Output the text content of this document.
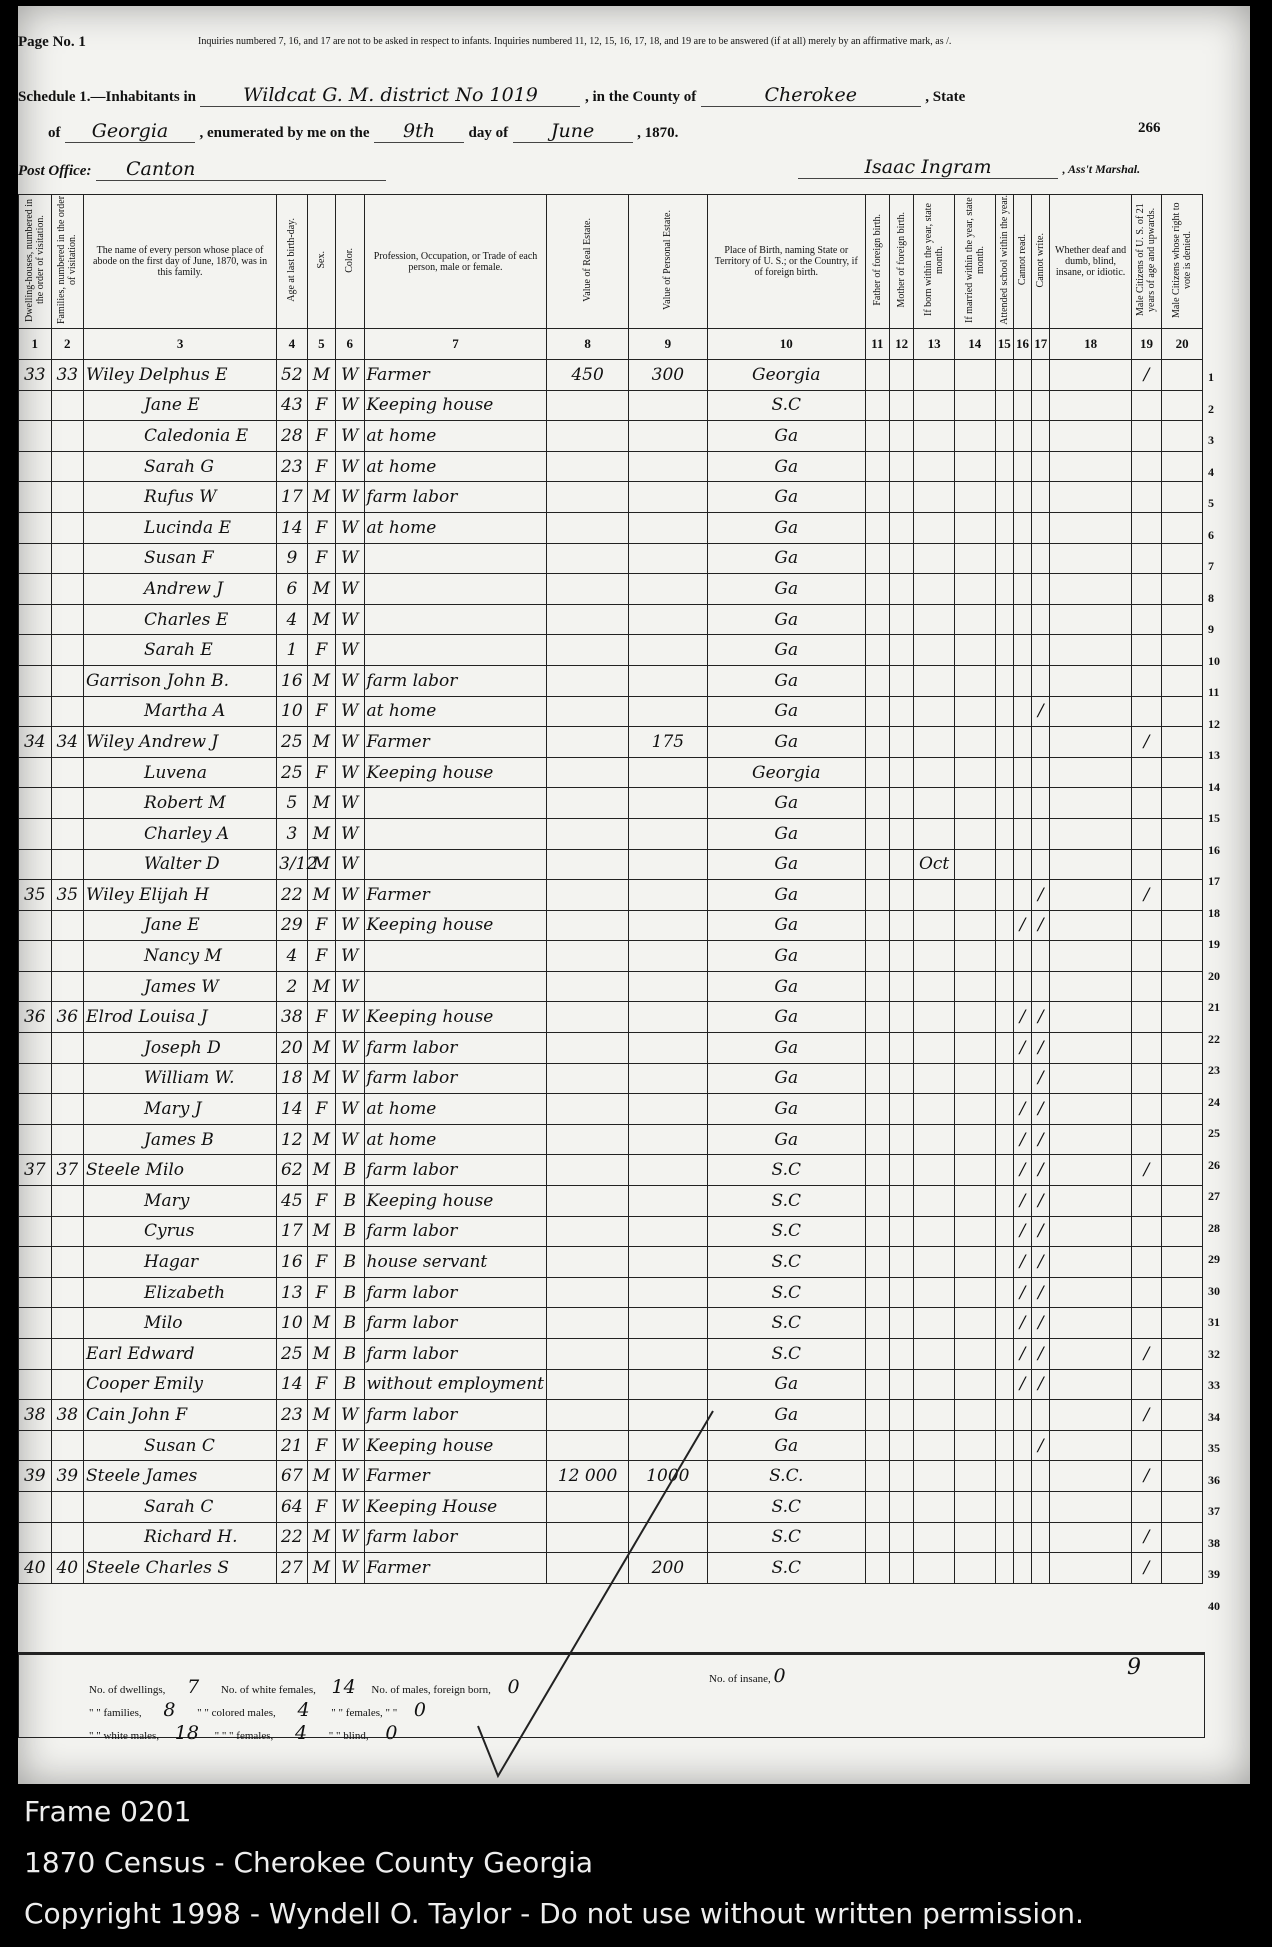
Page No. 1	Inquiries numbered 7, 16, and 17 are not to be asked in respect to infants. Inquiries numbered 11, 12, 15, 16, 17, 18, and 19 are to be answered (if at all) merely by an affirmative mark, as /.
Schedule 1.—Inhabitants in Wildcat G. M. district No 1019	, in the County of	Cherokee	, State
of Georgia , enumerated by me on the 9th day of June	, 1870.	266
Post Office: Canton	Isaac Ingram	, Ass't Marshal.
Dwelling-houses, numbered in the order of visitation.	Families, numbered in the order of visitation.	The name of every person whose place of abode on the first day of June, 1870, was in this family.	Age at last birth-day.	Sex.	Color.	Profession, Occupation, or Trade of each person, male or female.	Value of Real Estate.	Value of Personal Estate.	Place of Birth, naming State or Territory of U. S.; or the Country, if of foreign birth.	Father of foreign birth.	Mother of foreign birth.	If born within the year, state month.	If married within the year, state month.	Attended school within the year.	Cannot read.	Cannot write.	Whether deaf and dumb, blind, insane, or idiotic.	Male Citizens of U. S. of 21 years of age and upwards.	Male Citizens whose right to vote is denied.
1	2	3	4	5	6	7	8	9	10	11	12	13	14	15	16	17	18	19	20
33	33	Wiley Delphus E	52	M	W	Farmer	450	300	Georgia									/	
		Jane E	43	F	W	Keeping house			S.C										
		Caledonia E	28	F	W	at home			Ga										
		Sarah G	23	F	W	at home			Ga										
		Rufus W	17	M	W	farm labor			Ga										
		Lucinda E	14	F	W	at home			Ga										
		Susan F	9	F	W				Ga										
		Andrew J	6	M	W				Ga										
		Charles E	4	M	W				Ga										
		Sarah E	1	F	W				Ga										
		Garrison John B.	16	M	W	farm labor			Ga										
		Martha A	10	F	W	at home			Ga							/			
34	34	Wiley Andrew J	25	M	W	Farmer		175	Ga									/	
		Luvena	25	F	W	Keeping house			Georgia										
		Robert M	5	M	W				Ga										
		Charley A	3	M	W				Ga										
		Walter D	3/12	M	W				Ga			Oct							
35	35	Wiley Elijah H	22	M	W	Farmer			Ga							/		/	
		Jane E	29	F	W	Keeping house			Ga						/	/			
		Nancy M	4	F	W				Ga										
		James W	2	M	W				Ga										
36	36	Elrod Louisa J	38	F	W	Keeping house			Ga						/	/			
		Joseph D	20	M	W	farm labor			Ga						/	/			
		William W.	18	M	W	farm labor			Ga							/			
		Mary J	14	F	W	at home			Ga						/	/			
		James B	12	M	W	at home			Ga						/	/			
37	37	Steele Milo	62	M	B	farm labor			S.C						/	/		/	
		Mary	45	F	B	Keeping house			S.C						/	/			
		Cyrus	17	M	B	farm labor			S.C						/	/			
		Hagar	16	F	B	house servant			S.C						/	/			
		Elizabeth	13	F	B	farm labor			S.C						/	/			
		Milo	10	M	B	farm labor			S.C						/	/			
		Earl Edward	25	M	B	farm labor			S.C						/	/		/	
		Cooper Emily	14	F	B	without employment			Ga						/	/			
38	38	Cain John F	23	M	W	farm labor			Ga									/	
		Susan C	21	F	W	Keeping house			Ga							/			
39	39	Steele James	67	M	W	Farmer	12 000	1000	S.C.									/	
		Sarah C	64	F	W	Keeping House			S.C										
		Richard H.	22	M	W	farm labor			S.C									/	
40	40	Steele Charles S	27	M	W	Farmer		200	S.C									/	
1
2
3
4
5
6
7
8
9
10
11
12
13
14
15
16
17
18
19
20
21
22
23
24
25
26
27
28
29
30
31
32
33
34
35
36
37
38
39
40
No. of dwellings, 7 No. of white females, 14 No. of males, foreign born, 0
" " families, 8 " " colored males, 4 " " females, " " 0
" " white males, 18 " " " females, 4 " " blind, 0
No. of insane, 0	9
Frame 0201
1870 Census - Cherokee County Georgia
Copyright 1998 - Wyndell O. Taylor - Do not use without written permission.
